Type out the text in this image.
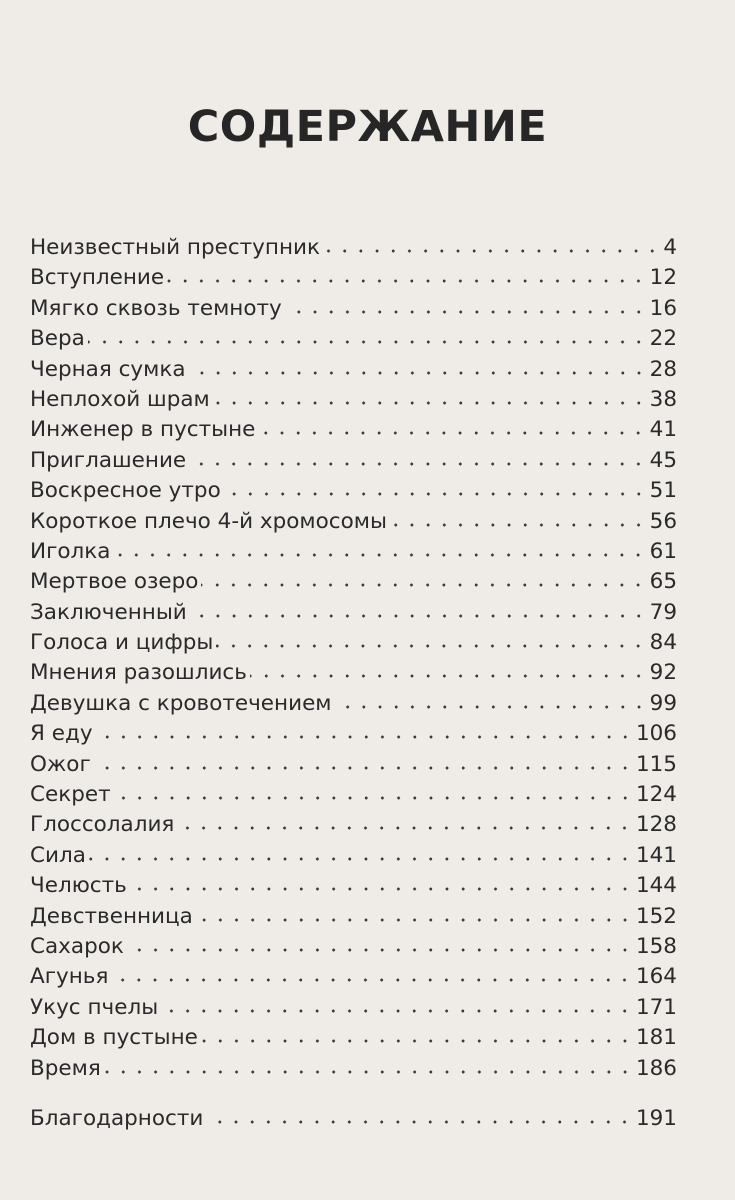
СОДЕРЖАНИЕ
Неизвестный преступник	4
Вступление	12
Мягко сквозь темноту	16
Вера	22
Черная сумка	28
Неплохой шрам	38
Инженер в пустыне	41
Приглашение	45
Воскресное утро	51
Короткое плечо 4-й хромосомы	56
Иголка	61
Мертвое озеро	65
Заключенный	79
Голоса и цифры	84
Мнения разошлись	92
Девушка с кровотечением	99
Я еду	106
Ожог	115
Секрет	124
Глоссолалия	128
Сила	141
Челюсть	144
Девственница	152
Сахарок	158
Агунья	164
Укус пчелы	171
Дом в пустыне	181
Время	186
Благодарности	191
